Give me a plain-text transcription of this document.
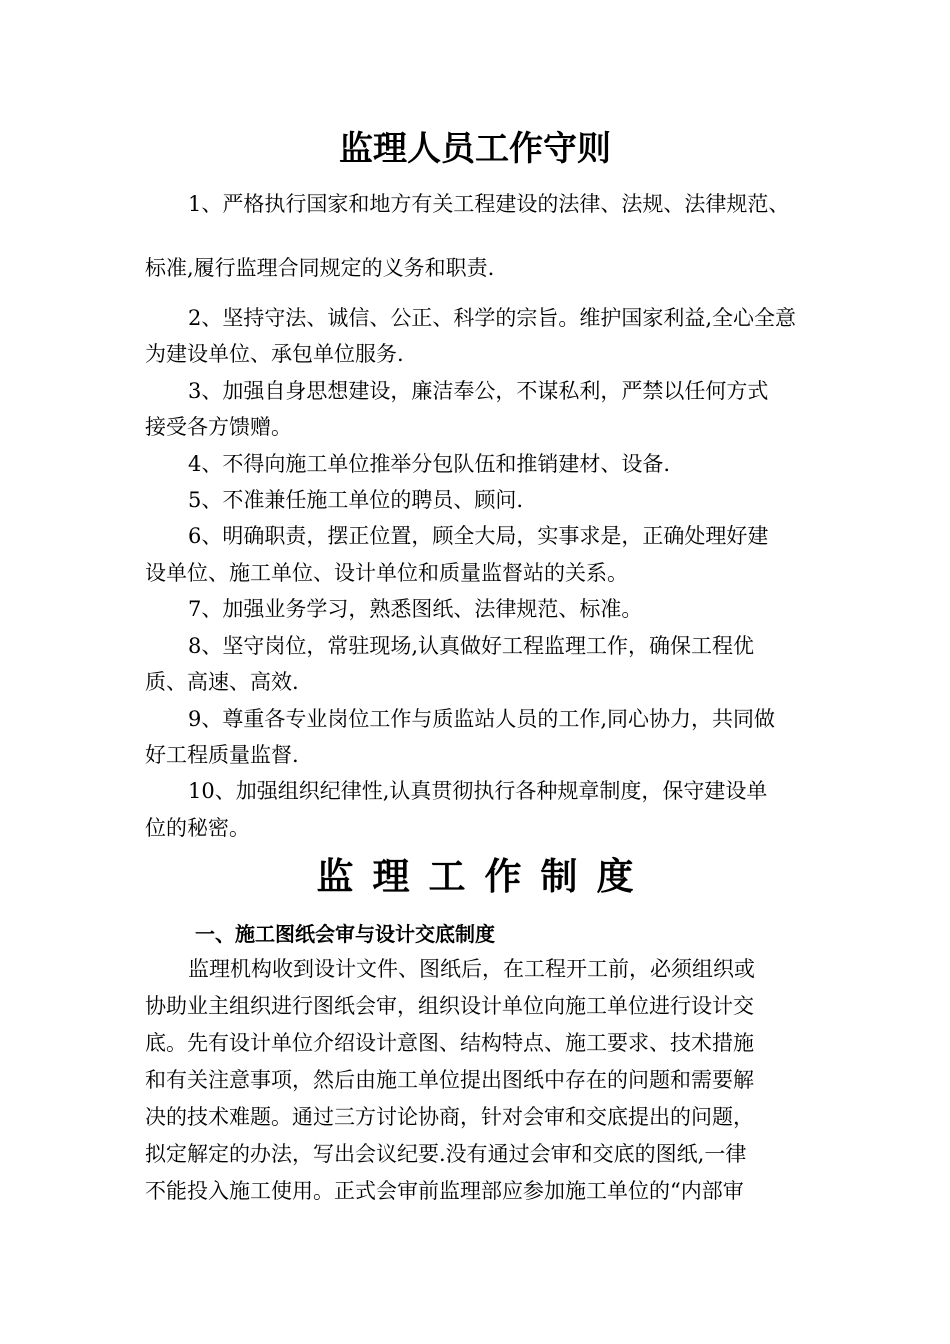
监理人员工作守则
1、严格执行国家和地方有关工程建设的法律、法规、法律规范、
标准,履行监理合同规定的义务和职责.
2、坚持守法、诚信、公正、科学的宗旨。维护国家利益,全心全意
为建设单位、承包单位服务.
3、加强自身思想建设，廉洁奉公，不谋私利，严禁以任何方式
接受各方馈赠。
4、不得向施工单位推举分包队伍和推销建材、设备.
5、不准兼任施工单位的聘员、顾问.
6、明确职责，摆正位置，顾全大局，实事求是，正确处理好建
设单位、施工单位、设计单位和质量监督站的关系。
7、加强业务学习，熟悉图纸、法律规范、标准。
8、坚守岗位，常驻现场,认真做好工程监理工作，确保工程优
质、高速、高效.
9、尊重各专业岗位工作与质监站人员的工作,同心协力，共同做
好工程质量监督.
10、加强组织纪律性,认真贯彻执行各种规章制度，保守建设单
位的秘密。
监理工作制度
一、施工图纸会审与设计交底制度
监理机构收到设计文件、图纸后，在工程开工前，必须组织或
协助业主组织进行图纸会审，组织设计单位向施工单位进行设计交
底。先有设计单位介绍设计意图、结构特点、施工要求、技术措施
和有关注意事项，然后由施工单位提出图纸中存在的问题和需要解
决的技术难题。通过三方讨论协商，针对会审和交底提出的问题，
拟定解定的办法，写出会议纪要.没有通过会审和交底的图纸,一律
不能投入施工使用。正式会审前监理部应参加施工单位的“内部审
